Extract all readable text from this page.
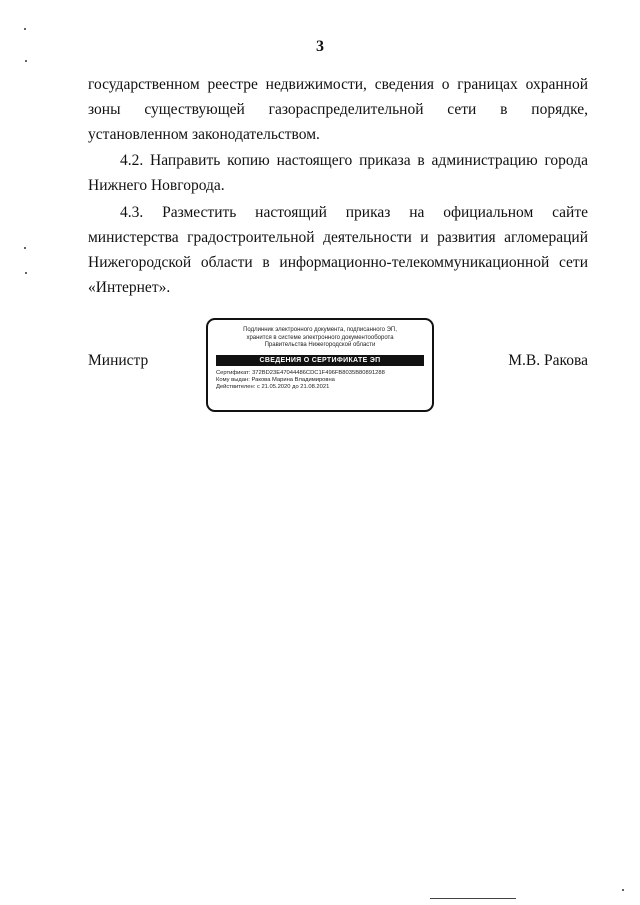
3

государственном реестре недвижимости, сведения о границах охранной зоны существующей газораспределительной сети в порядке, установленном законодательством.

4.2. Направить копию настоящего приказа в администрацию города Нижнего Новгорода.

4.3. Разместить настоящий приказ на официальном сайте министерства градостроительной деятельности и развития агломераций Нижегородской области в информационно-телекоммуникационной сети «Интернет».

Министр	М.В. Ракова
Подлинник электронного документа, подписанного ЭП,
хранится в системе электронного документооборота
Правительства Нижегородской области
СВЕДЕНИЯ О СЕРТИФИКАТЕ ЭП
Сертификат: 372BD23E47044486CDC1F496FB8035B80891288
Кому выдан: Ракова Марина Владимировна
Действителен: с 21.05.2020 до 21.08.2021
